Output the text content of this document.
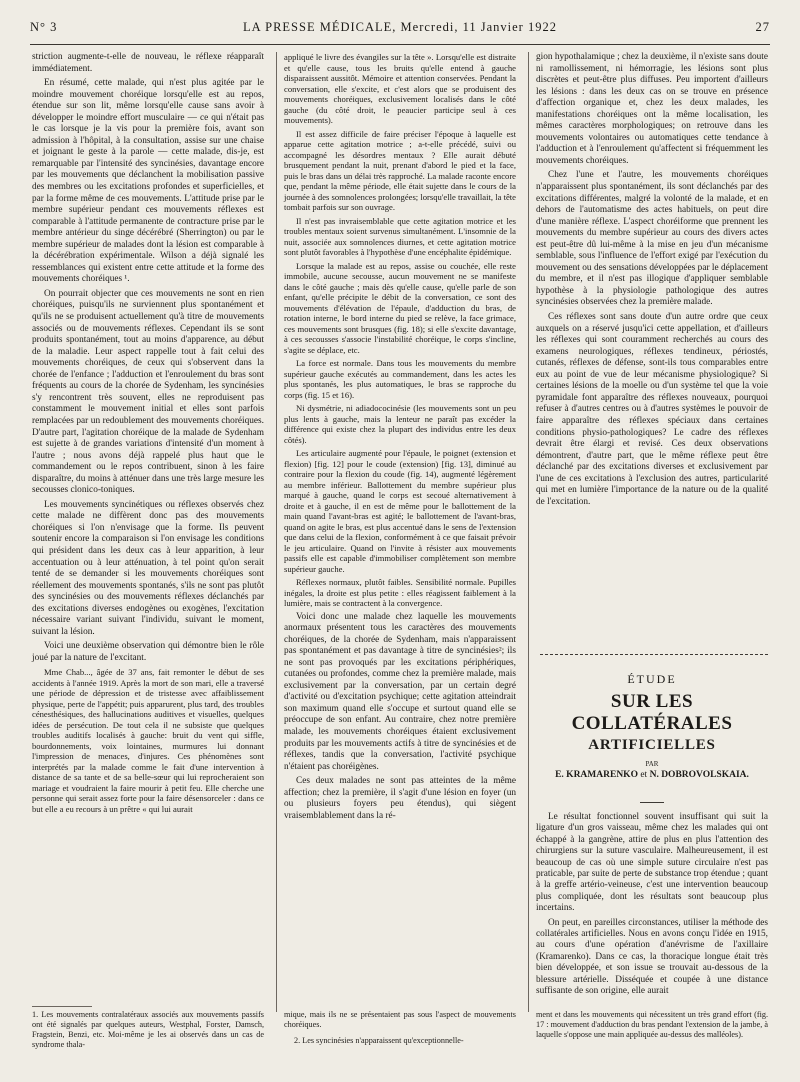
N° 3	LA PRESSE MÉDICALE, Mercredi, 11 Janvier 1922	27

striction augmente-t-elle de nouveau, le réflexe réapparaît immédiatement.

En résumé, cette malade, qui n'est plus agitée par le moindre mouvement choréique lorsqu'elle est au repos, étendue sur son lit, même lorsqu'elle cause sans avoir à développer le moindre effort musculaire — ce qui n'était pas le cas lorsque je la vis pour la première fois, avant son admission à l'hôpital, à la consultation, assise sur une chaise et joignant le geste à la parole — cette malade, dis-je, est remarquable par l'intensité des syncinésies, davantage encore par les mouvements que déclanchent la mobilisation passive des membres ou les excitations profondes et superficielles, et par la forme même de ces mouvements. L'attitude prise par le membre supérieur pendant ces mouvements réflexes est comparable à l'attitude permanente de contracture prise par le membre antérieur du singe décérébré (Sherrington) ou par le membre supérieur de malades dont la lésion est comparable à la décérébration expérimentale. Wilson a déjà signalé les ressemblances qui existent entre cette attitude et la forme des mouvements choréiques ¹.

On pourrait objecter que ces mouvements ne sont en rien choréiques, puisqu'ils ne surviennent plus spontanément et qu'ils ne se produisent actuellement qu'à titre de mouvements associés ou de mouvements réflexes. Cependant ils se sont produits spontanément, tout au moins d'apparence, au début de la maladie. Leur aspect rappelle tout à fait celui des mouvements choréiques, de ceux qui s'observent dans la chorée de l'enfance ; l'adduction et l'enroulement du bras sont fréquents au cours de la chorée de Sydenham, les syncinésies s'y rencontrent très souvent, elles ne reproduisent pas constamment le mouvement initial et elles sont parfois remplacées par un redoublement des mouvements choréiques. D'autre part, l'agitation choréique de la malade de Sydenham est sujette à de grandes variations d'intensité d'un moment à l'autre ; nous avons déjà rappelé plus haut que le commandement ou le repos contribuent, sinon à les faire disparaître, du moins à atténuer dans une très large mesure les secousses clonico-toniques.

Les mouvements syncinétiques ou réflexes observés chez cette malade ne diffèrent donc pas des mouvements choréiques si l'on n'envisage que la forme. Ils peuvent soutenir encore la comparaison si l'on envisage les conditions qui président dans les deux cas à leur apparition, à leur accentuation ou à leur atténuation, à tel point qu'on serait tenté de se demander si les mouvements choréiques sont réellement des mouvements spontanés, s'ils ne sont pas plutôt des syncinésies ou des mouvements réflexes déclanchés par des excitations diverses endogènes ou exogènes, l'excitation nécessaire variant suivant l'individu, suivant le moment, suivant la lésion.

Voici une deuxième observation qui démontre bien le rôle joué par la nature de l'excitant.

Mme Chab..., âgée de 37 ans, fait remonter le début de ses accidents à l'année 1919. Après la mort de son mari, elle a traversé une période de dépression et de tristesse avec affaiblissement physique, perte de l'appétit; puis apparurent, plus tard, des troubles cénesthésiques, des hallucinations auditives et visuelles, quelques idées de persécution. De tout cela il ne subsiste que quelques troubles auditifs localisés à gauche: bruit du vent qui siffle, bourdonnements, voix lointaines, murmures lui donnant l'impression de menaces, d'injures. Ces phénomènes sont interprétés par la malade comme le fait d'une intervention à distance de sa tante et de sa belle-sœur qui lui reprocheraient son mariage et voudraient la faire mourir à petit feu. Elle cherche une personne qui serait assez forte pour la faire désensorceler : dans ce but elle a eu recours à un prêtre « qui lui aurait

appliqué le livre des évangiles sur la tête ». Lorsqu'elle est distraite et qu'elle cause, tous les bruits qu'elle entend à gauche disparaissent aussitôt. Mémoire et attention conservées. Pendant la conversation, elle s'excite, et c'est alors que se produisent des mouvements choréiques, exclusivement localisés dans le côté gauche (du côté droit, le peaucier participe seul à ces mouvements).

Il est assez difficile de faire préciser l'époque à laquelle est apparue cette agitation motrice ; a-t-elle précédé, suivi ou accompagné les désordres mentaux ? Elle aurait débuté brusquement pendant la nuit, prenant d'abord le pied et la face, puis le bras dans un délai très rapproché. La malade raconte encore que, pendant la même période, elle était sujette dans le cours de la journée à des somnolences prolongées; lorsqu'elle travaillait, la tête tombait parfois sur son ouvrage.

Il n'est pas invraisemblable que cette agitation motrice et les troubles mentaux soient survenus simultanément. L'insomnie de la nuit, associée aux somnolences diurnes, et cette agitation motrice sont plutôt favorables à l'hypothèse d'une encéphalite épidémique.

Lorsque la malade est au repos, assise ou couchée, elle reste immobile, aucune secousse, aucun mouvement ne se manifeste dans le côté gauche ; mais dès qu'elle cause, qu'elle parle de son enfant, qu'elle précipite le débit de la conversation, ce sont des mouvements d'élévation de l'épaule, d'adduction du bras, de rotation interne, le bord interne du pied se relève, la face grimace, ces mouvements sont brusques (fig. 18); si elle s'excite davantage, à ces secousses s'associe l'instabilité choréique, le corps s'incline, s'agite se déplace, etc.

La force est normale. Dans tous les mouvements du membre supérieur gauche exécutés au commandement, dans les actes les plus spontanés, les plus automatiques, le bras se rapproche du corps (fig. 15 et 16).

Ni dysmétrie, ni adiadococinésie (les mouvements sont un peu plus lents à gauche, mais la lenteur ne paraît pas excéder la différence qui existe chez la plupart des individus entre les deux côtés).

Les articulaire augmenté pour l'épaule, le poignet (extension et flexion) [fig. 12] pour le coude (extension) [fig. 13], diminué au contraire pour la flexion du coude (fig. 14), augmenté légèrement au membre inférieur. Ballottement du membre supérieur plus marqué à gauche, quand le corps est secoué alternativement à droite et à gauche, il en est de même pour le ballottement de la main quand l'avant-bras est agité; le ballottement de l'avant-bras, quand on agite le bras, est plus accentué dans le sens de l'extension que dans celui de la flexion, conformément à ce que faisait prévoir le jeu articulaire. Quand on l'invite à résister aux mouvements passifs elle est capable d'immobiliser complètement son membre supérieur gauche.

Réflexes normaux, plutôt faibles. Sensibilité normale. Pupilles inégales, la droite est plus petite : elles réagissent faiblement à la lumière, mais se contractent à la convergence.

Voici donc une malade chez laquelle les mouvements anormaux présentent tous les caractères des mouvements choréiques, de la chorée de Sydenham, mais n'apparaissent pas spontanément et pas davantage à titre de syncinésies²; ils ne sont pas provoqués par les excitations périphériques, cutanées ou profondes, comme chez la première malade, mais exclusivement par la conversation, par un certain degré d'activité ou d'excitation psychique; cette agitation atteindrait son maximum quand elle s'occupe et surtout quand elle se préoccupe de son enfant. Au contraire, chez notre première malade, les mouvements choréiques étaient exclusivement produits par les mouvements actifs à titre de syncinésies et de réflexes, tandis que la conversation, l'activité psychique n'étaient pas choréigènes.

Ces deux malades ne sont pas atteintes de la même affection; chez la première, il s'agit d'une lésion en foyer (un ou plusieurs foyers peu étendus), qui siègent vraisemblablement dans la ré-

gion hypothalamique ; chez la deuxième, il n'existe sans doute ni ramollissement, ni hémorragie, les lésions sont plus discrètes et peut-être plus diffuses. Peu importent d'ailleurs les lésions : dans les deux cas on se trouve en présence d'affection organique et, chez les deux malades, les manifestations choréiques ont la même localisation, les mêmes caractères morphologiques; on retrouve dans les mouvements volontaires ou automatiques cette tendance à l'adduction et à l'enroulement qu'affectent si fréquemment les mouvements choréiques.

Chez l'une et l'autre, les mouvements choréiques n'apparaissent plus spontanément, ils sont déclanchés par des excitations différentes, malgré la volonté de la malade, et en dehors de l'automatisme des actes habituels, on peut dire d'une manière réflexe. L'aspect choréiforme que prennent les mouvements du membre supérieur au cours des divers actes est peut-être dû lui-même à la mise en jeu d'un mécanisme semblable, sous l'influence de l'effort exigé par l'exécution du mouvement ou des sensations développées par le déplacement du membre, et il n'est pas illogique d'appliquer semblable hypothèse à la physiologie pathologique des autres syncinésies observées chez la première malade.

Ces réflexes sont sans doute d'un autre ordre que ceux auxquels on a réservé jusqu'ici cette appellation, et d'ailleurs les réflexes qui sont couramment recherchés au cours des examens neurologiques, réflexes tendineux, périostés, cutanés, réflexes de défense, sont-ils tous comparables entre eux au point de vue de leur mécanisme physiologique? Si certaines lésions de la moelle ou d'un système tel que la voie pyramidale font apparaître des réflexes nouveaux, pourquoi refuser à d'autres centres ou à d'autres systèmes le pouvoir de faire apparaître des réflexes spéciaux dans certaines conditions physio-pathologiques? Le cadre des réflexes devrait être élargi et revisé. Ces deux observations démontrent, d'autre part, que le même réflexe peut être déclanché par des excitations diverses et exclusivement par l'une de ces excitations à l'exclusion des autres, particularité qui met en lumière l'importance de la nature ou de la qualité de l'excitation.

ÉTUDE
SUR LES COLLATÉRALES
ARTIFICIELLES
PAR
E. KRAMARENKO et N. DOBROVOLSKAIA.

Le résultat fonctionnel souvent insuffisant qui suit la ligature d'un gros vaisseau, même chez les malades qui ont échappé à la gangrène, attire de plus en plus l'attention des chirurgiens sur la suture vasculaire. Malheureusement, il est beaucoup de cas où une simple suture circulaire n'est pas praticable, par suite de perte de substance trop étendue ; quant à la greffe artério-veineuse, c'est une intervention beaucoup plus compliquée, dont les résultats sont beaucoup plus incertains.

On peut, en pareilles circonstances, utiliser la méthode des collatérales artificielles. Nous en avons conçu l'idée en 1915, au cours d'une opération d'anévrisme de l'axillaire (Kramarenko). Dans ce cas, la thoracique longue était très bien développée, et son issue se trouvait au-dessous de la blessure artérielle. Disséquée et coupée à une distance suffisante de son origine, elle aurait

1. Les mouvements contralatéraux associés aux mouvements passifs ont été signalés par quelques auteurs, Westphal, Forster, Damsch, Fragstein, Benzi, etc. Moi-même je les ai observés dans un cas de syndrome thala-
mique, mais ils ne se présentaient pas sous l'aspect de mouvements choréiques.
2. Les syncinésies n'apparaissent qu'exceptionnelle-
ment et dans les mouvements qui nécessitent un très grand effort (fig. 17 : mouvement d'adduction du bras pendant l'extension de la jambe, à laquelle s'oppose une main appliquée au-dessus des malléoles).
